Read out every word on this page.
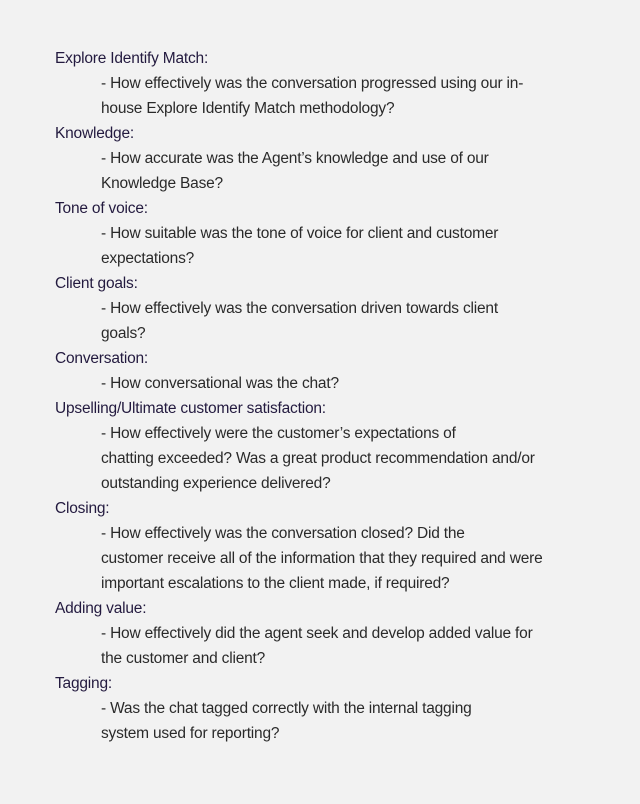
Explore Identify Match:
- How effectively was the conversation progressed using our in-
house Explore Identify Match methodology?
Knowledge:
- How accurate was the Agent’s knowledge and use of our
Knowledge Base?
Tone of voice:
- How suitable was the tone of voice for client and customer
expectations?
Client goals:
- How effectively was the conversation driven towards client
goals?
Conversation:
- How conversational was the chat?
Upselling/Ultimate customer satisfaction:
- How effectively were the customer’s expectations of
chatting exceeded? Was a great product recommendation and/or
outstanding experience delivered?
Closing:
- How effectively was the conversation closed? Did the
customer receive all of the information that they required and were
important escalations to the client made, if required?
Adding value:
- How effectively did the agent seek and develop added value for
the customer and client?
Tagging:
- Was the chat tagged correctly with the internal tagging
system used for reporting?
